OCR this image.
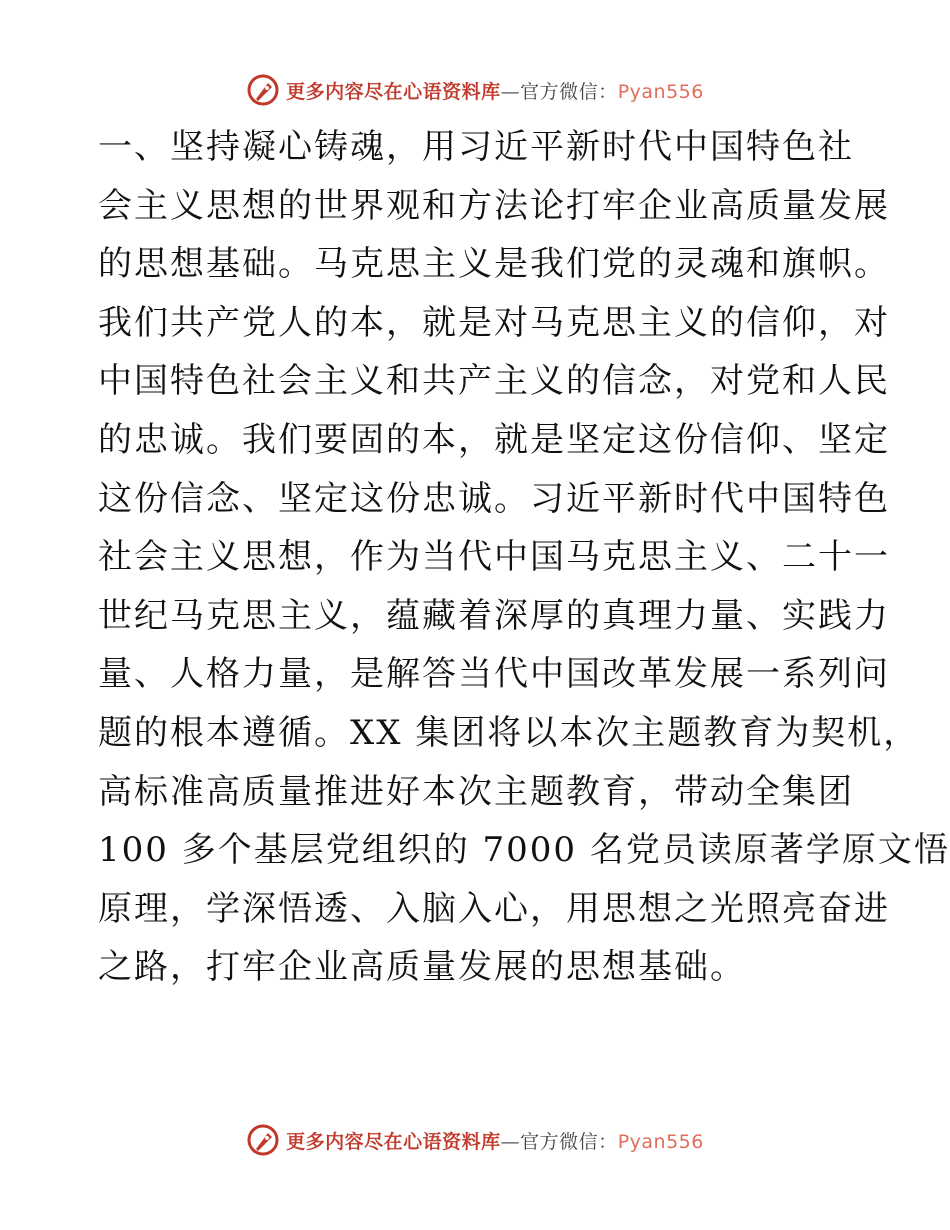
更多内容尽在心语资料库—官方微信：Pyan556
一、坚持凝心铸魂，用习近平新时代中国特色社
会主义思想的世界观和方法论打牢企业高质量发展
的思想基础。马克思主义是我们党的灵魂和旗帜。
我们共产党人的本，就是对马克思主义的信仰，对
中国特色社会主义和共产主义的信念，对党和人民
的忠诚。我们要固的本，就是坚定这份信仰、坚定
这份信念、坚定这份忠诚。习近平新时代中国特色
社会主义思想，作为当代中国马克思主义、二十一
世纪马克思主义，蕴藏着深厚的真理力量、实践力
量、人格力量，是解答当代中国改革发展一系列问
题的根本遵循。XX 集团将以本次主题教育为契机，
高标准高质量推进好本次主题教育，带动全集团
100 多个基层党组织的 7000 名党员读原著学原文悟
原理，学深悟透、入脑入心，用思想之光照亮奋进
之路，打牢企业高质量发展的思想基础。
更多内容尽在心语资料库—官方微信：Pyan556
